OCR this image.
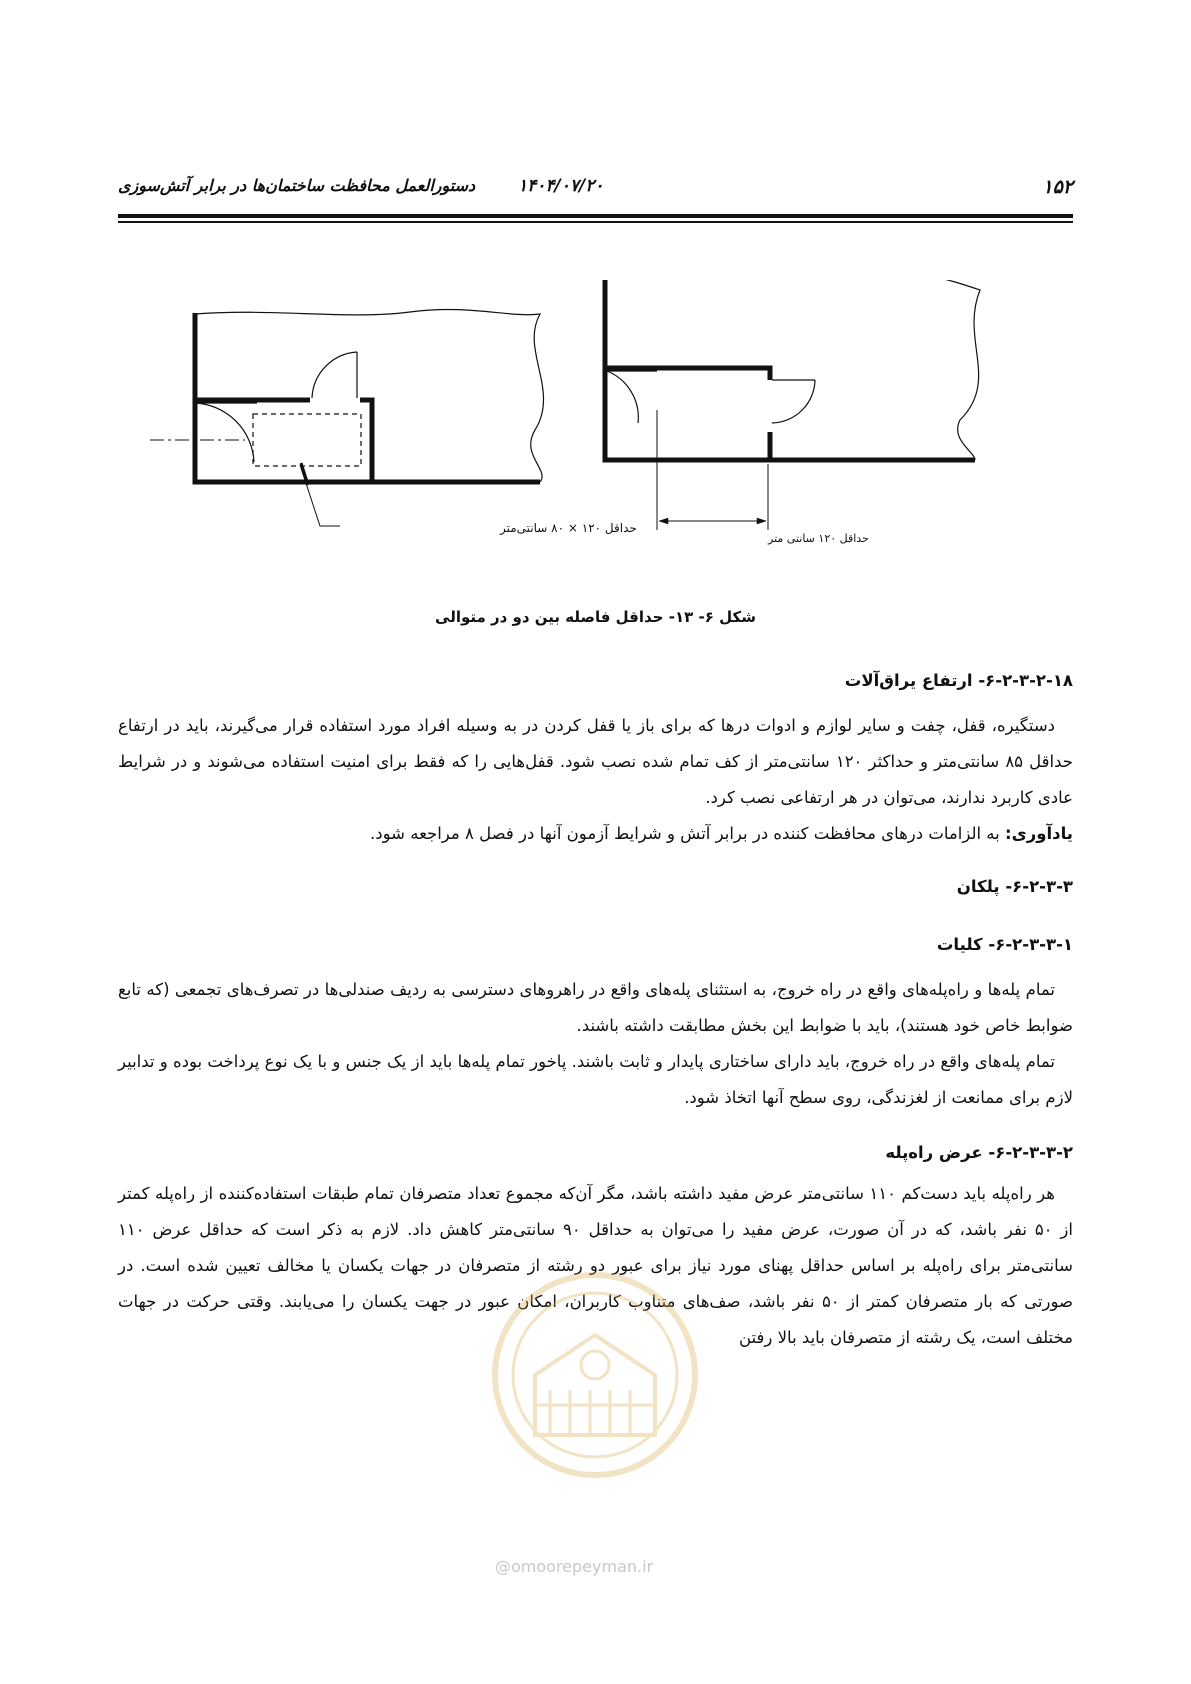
۱۵۲
۱۴۰۴/۰۷/۲۰
دستورالعمل محافظت ساختمان‌ها در برابر آتش‌سوزی
حداقل ۱۲۰ × ۸۰ سانتی‌متر
حداقل ۱۲۰ سانتی متر
شکل ۶- ۱۳- حداقل فاصله بین دو در متوالی

۶-۲-۳-۲-۱۸- ارتفاع یراق‌آلات

دستگیره، قفل، چفت و سایر لوازم و ادوات درها که برای باز یا قفل کردن در به وسیله افراد مورد استفاده قرار می‌گیرند، باید در ارتفاع حداقل ۸۵ سانتی‌متر و حداکثر ۱۲۰ سانتی‌متر از کف تمام شده نصب شود. قفل‌هایی را که فقط برای امنیت استفاده می‌شوند و در شرایط عادی کاربرد ندارند، می‌توان در هر ارتفاعی نصب کرد.

یادآوری: به الزامات درهای محافظت کننده در برابر آتش و شرایط آزمون آنها در فصل ۸ مراجعه شود.

۶-۲-۳-۳- پلکان

۶-۲-۳-۳-۱- کلیات

تمام پله‌ها و راه‌پله‌های واقع در راه خروج، به استثنای پله‌های واقع در راهروهای دسترسی به ردیف صندلی‌ها در تصرف‌های تجمعی (که تابع ضوابط خاص خود هستند)، باید با ضوابط این بخش مطابقت داشته باشند.

تمام پله‌های واقع در راه خروج، باید دارای ساختاری پایدار و ثابت باشند. پاخور تمام پله‌ها باید از یک جنس و با یک نوع پرداخت بوده و تدابیر لازم برای ممانعت از لغزندگی، روی سطح آنها اتخاذ شود.

۶-۲-۳-۳-۲- عرض راه‌پله

هر راه‌پله باید دست‌کم ۱۱۰ سانتی‌متر عرض مفید داشته باشد، مگر آن‌که مجموع تعداد متصرفان تمام طبقات استفاده‌کننده از راه‌پله کمتر از ۵۰ نفر باشد، که در آن صورت، عرض مفید را می‌توان به حداقل ۹۰ سانتی‌متر کاهش داد. لازم به ذکر است که حداقل عرض ۱۱۰ سانتی‌متر برای راه‌پله بر اساس حداقل پهنای مورد نیاز برای عبور دو رشته از متصرفان در جهات یکسان یا مخالف تعیین شده است. در صورتی که بار متصرفان کمتر از ۵۰ نفر باشد، صف‌های متناوب کاربران، امکان عبور در جهت یکسان را می‌یابند. وقتی حرکت در جهات مختلف است، یک رشته از متصرفان باید بالا رفتن

@omoorepeyman.ir
